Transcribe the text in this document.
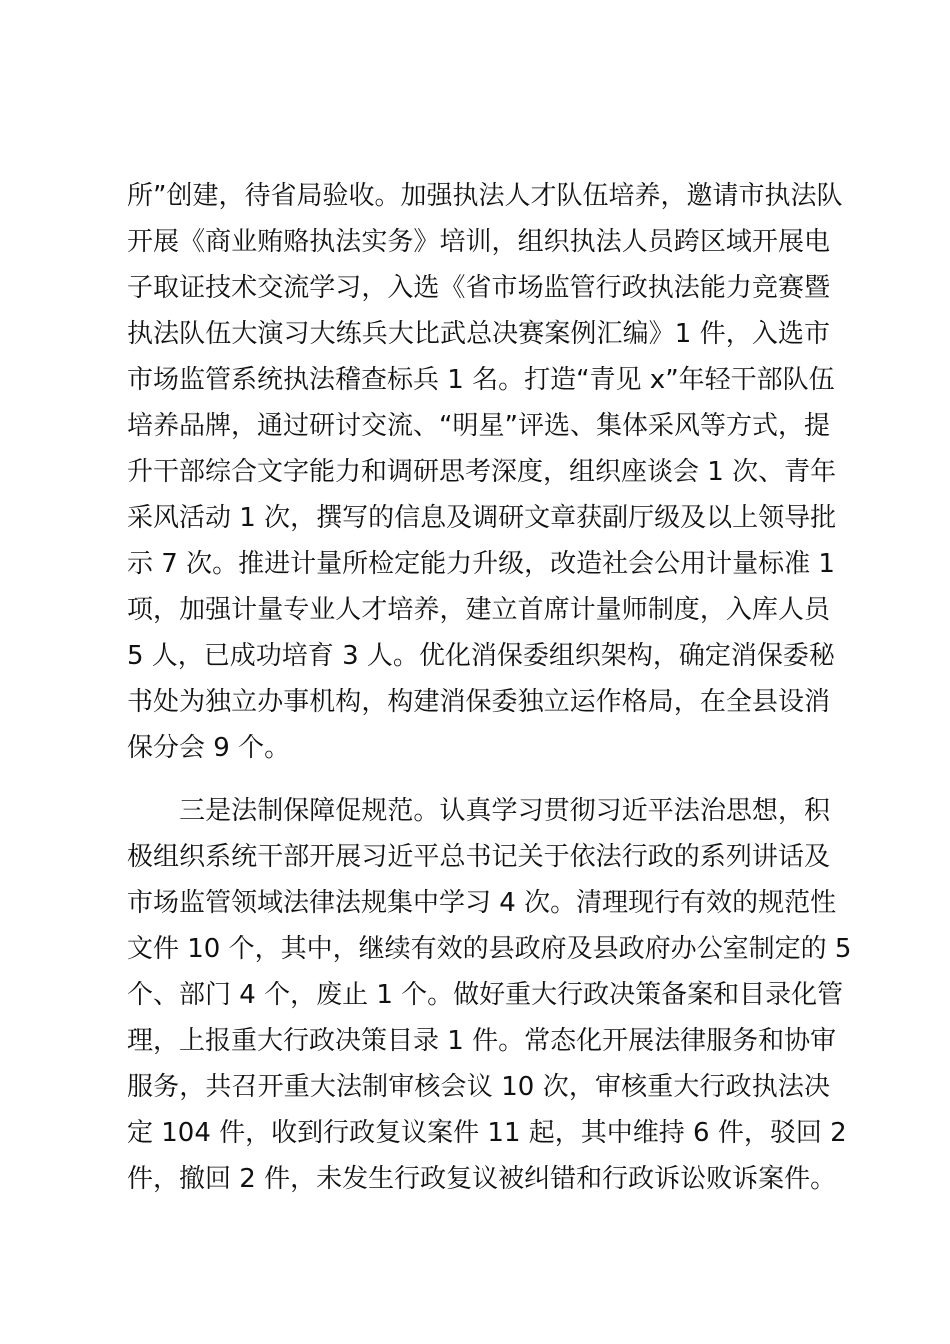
所”创建，待省局验收。加强执法人才队伍培养，邀请市执法队
开展《商业贿赂执法实务》培训，组织执法人员跨区域开展电
子取证技术交流学习，入选《省市场监管行政执法能力竞赛暨
执法队伍大演习大练兵大比武总决赛案例汇编》1 件，入选市
市场监管系统执法稽查标兵 1 名。打造“青见 x”年轻干部队伍
培养品牌，通过研讨交流、“明星”评选、集体采风等方式，提
升干部综合文字能力和调研思考深度，组织座谈会 1 次、青年
采风活动 1 次，撰写的信息及调研文章获副厅级及以上领导批
示 7 次。推进计量所检定能力升级，改造社会公用计量标准 1
项，加强计量专业人才培养，建立首席计量师制度，入库人员
5 人，已成功培育 3 人。优化消保委组织架构，确定消保委秘
书处为独立办事机构，构建消保委独立运作格局，在全县设消
保分会 9 个。
　　三是法制保障促规范。认真学习贯彻习近平法治思想，积
极组织系统干部开展习近平总书记关于依法行政的系列讲话及
市场监管领域法律法规集中学习 4 次。清理现行有效的规范性
文件 10 个，其中，继续有效的县政府及县政府办公室制定的 5
个、部门 4 个，废止 1 个。做好重大行政决策备案和目录化管
理，上报重大行政决策目录 1 件。常态化开展法律服务和协审
服务，共召开重大法制审核会议 10 次，审核重大行政执法决
定 104 件，收到行政复议案件 11 起，其中维持 6 件，驳回 2
件，撤回 2 件，未发生行政复议被纠错和行政诉讼败诉案件。
